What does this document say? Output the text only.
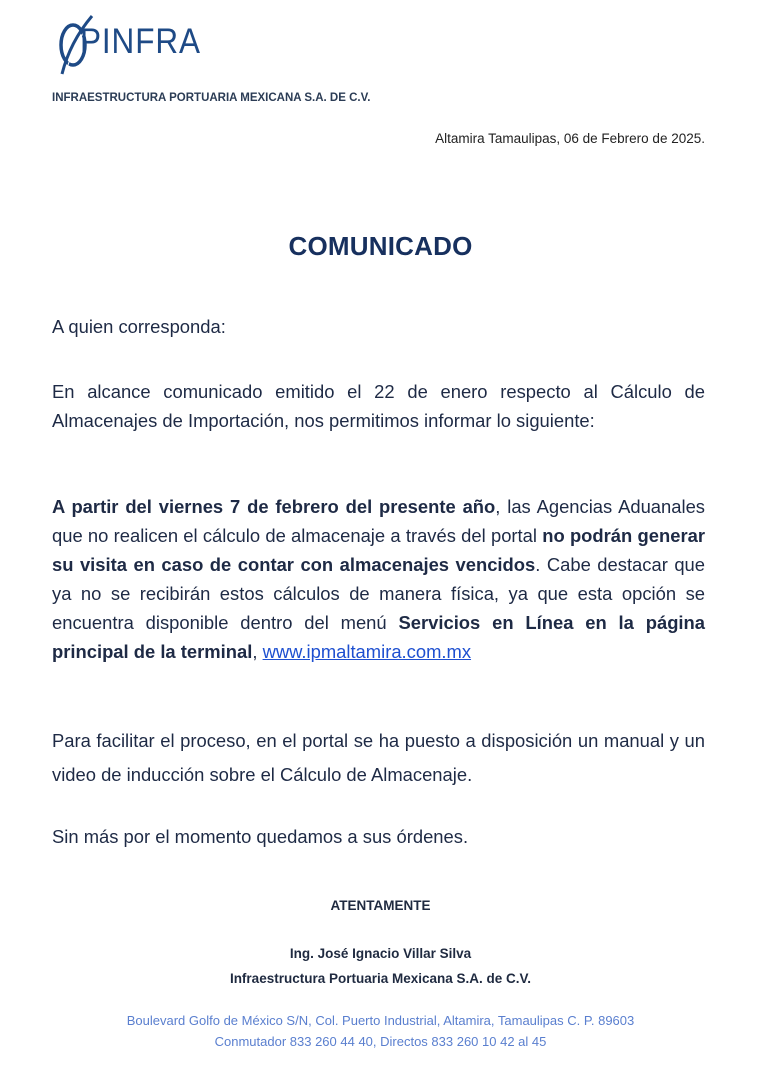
PINFRA
INFRAESTRUCTURA PORTUARIA MEXICANA S.A. DE C.V.
Altamira Tamaulipas, 06 de Febrero de 2025.
COMUNICADO
A quien corresponda:
En alcance comunicado emitido el 22 de enero respecto al Cálculo de Almacenajes de Importación, nos permitimos informar lo siguiente:
A partir del viernes 7 de febrero del presente año, las Agencias Aduanales que no realicen el cálculo de almacenaje a través del portal no podrán generar su visita en caso de contar con almacenajes vencidos. Cabe destacar que ya no se recibirán estos cálculos de manera física, ya que esta opción se encuentra disponible dentro del menú Servicios en Línea en la página principal de la terminal, www.ipmaltamira.com.mx
Para facilitar el proceso, en el portal se ha puesto a disposición un manual y un video de inducción sobre el Cálculo de Almacenaje.
Sin más por el momento quedamos a sus órdenes.
ATENTAMENTE
Ing. José Ignacio Villar Silva
Infraestructura Portuaria Mexicana S.A. de C.V.
Boulevard Golfo de México S/N, Col. Puerto Industrial, Altamira, Tamaulipas C. P. 89603
Conmutador 833 260 44 40, Directos 833 260 10 42 al 45
